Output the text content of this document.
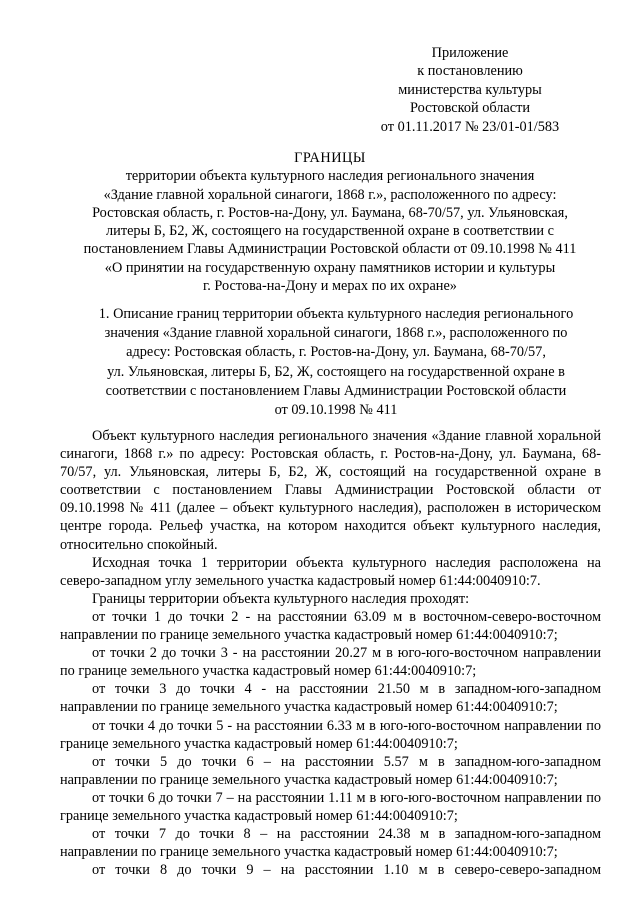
Приложение
к постановлению
министерства культуры
Ростовской области
от 01.11.2017 № 23/01-01/583
ГРАНИЦЫ
территории объекта культурного наследия регионального значения
«Здание главной хоральной синагоги, 1868 г.», расположенного по адресу:
Ростовская область, г. Ростов-на-Дону, ул. Баумана, 68-70/57, ул. Ульяновская,
литеры Б, Б2, Ж, состоящего на государственной охране в соответствии с
постановлением Главы Администрации Ростовской области от 09.10.1998 № 411
«О принятии на государственную охрану памятников истории и культуры
г. Ростова-на-Дону и мерах по их охране»
1. Описание границ территории объекта культурного наследия регионального
значения «Здание главной хоральной синагоги, 1868 г.», расположенного по
адресу: Ростовская область, г. Ростов-на-Дону, ул. Баумана, 68-70/57,
ул. Ульяновская, литеры Б, Б2, Ж, состоящего на государственной охране в
соответствии с постановлением Главы Администрации Ростовской области
от 09.10.1998 № 411

Объект культурного наследия регионального значения «Здание главной хоральной синагоги, 1868 г.» по адресу: Ростовская область, г. Ростов-на-Дону, ул. Баумана, 68-70/57, ул. Ульяновская, литеры Б, Б2, Ж, состоящий на государственной охране в соответствии с постановлением Главы Администрации Ростовской области от 09.10.1998 № 411 (далее – объект культурного наследия), расположен в историческом центре города. Рельеф участка, на котором находится объект культурного наследия, относительно спокойный.

Исходная точка 1 территории объекта культурного наследия расположена на северо-западном углу земельного участка кадастровый номер 61:44:0040910:7.

Границы территории объекта культурного наследия проходят:

от точки 1 до точки 2 - на расстоянии 63.09 м в восточном-северо-восточном направлении по границе земельного участка кадастровый номер 61:44:0040910:7;
от точки 2 до точки 3 - на расстоянии 20.27 м в юго-юго-восточном направлении по границе земельного участка кадастровый номер 61:44:0040910:7;
от точки 3 до точки 4 - на расстоянии 21.50 м в западном-юго-западном направлении по границе земельного участка кадастровый номер 61:44:0040910:7;
от точки 4 до точки 5 - на расстоянии 6.33 м в юго-юго-восточном направлении по границе земельного участка кадастровый номер 61:44:0040910:7;
от точки 5 до точки 6 – на расстоянии 5.57 м в западном-юго-западном направлении по границе земельного участка кадастровый номер 61:44:0040910:7;
от точки 6 до точки 7 – на расстоянии 1.11 м в юго-юго-восточном направлении по границе земельного участка кадастровый номер 61:44:0040910:7;
от точки 7 до точки 8 – на расстоянии 24.38 м в западном-юго-западном направлении по границе земельного участка кадастровый номер 61:44:0040910:7;
от точки 8 до точки 9 – на расстоянии 1.10 м в северо-северо-западном
